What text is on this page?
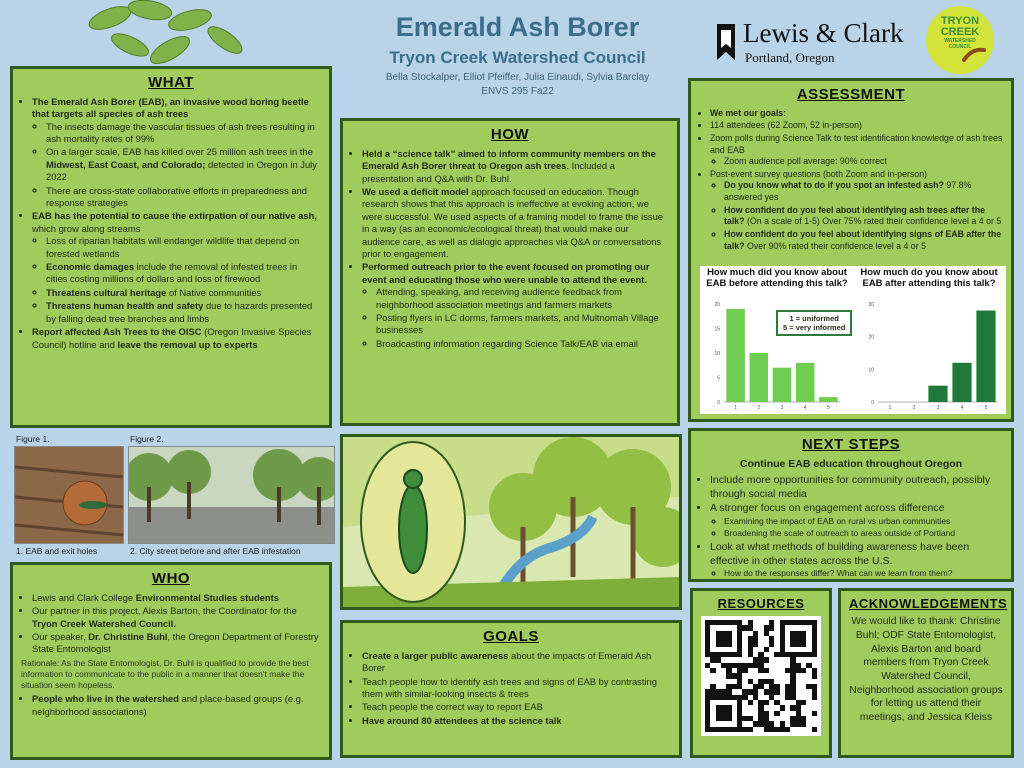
Emerald Ash Borer
Tryon Creek Watershed Council
Bella Stockalper, Elliot Pfeiffer, Julia Einaudi, Sylvia Barclay
ENVS 295 Fa22
Lewis & Clark
Portland, Oregon
TRYON
CREEK
WATERSHED
COUNCIL
WHAT
• The Emerald Ash Borer (EAB), an invasive wood boring beetle that targets all species of ash trees
◦ The insects damage the vascular tissues of ash trees resulting in ash mortality rates of 99%
◦ On a larger scale, EAB has killed over 25 million ash trees in the Midwest, East Coast, and Colorado; detected in Oregon in July 2022
◦ There are cross-state collaborative efforts in preparedness and response strategies
• EAB has the potential to cause the extirpation of our native ash, which grow along streams
◦ Loss of riparian habitats will endanger wildlife that depend on forested wetlands
◦ Economic damages include the removal of infested trees in cities costing millions of dollars and loss of firewood
◦ Threatens cultural heritage of Native communities
◦ Threatens human health and safety due to hazards presented by falling dead tree branches and limbs
• Report affected Ash Trees to the OISC (Oregon Invasive Species Council) hotline and leave the removal up to experts
Figure 1.	Figure 2.
1. EAB and exit holes	2. City street before and after EAB infestation
HOW
• Held a “science talk” aimed to inform community members on the Emerald Ash Borer threat to Oregon ash trees. Included a presentation and Q&A with Dr. Buhl.
• We used a deficit model approach focused on education. Though research shows that this approach is ineffective at evoking action, we were successful. We used aspects of a framing model to frame the issue in a way (as an economic/ecological threat) that would make our audience care, as well as dialogic approaches via Q&A or conversations prior to engagement.
• Performed outreach prior to the event focused on promoting our event and educating those who were unable to attend the event.
◦ Attending, speaking, and receiving audience feedback from neighborhood association meetings and farmers markets
◦ Posting flyers in LC dorms, farmers markets, and Multnomah Village businesses
◦ Broadcasting information regarding Science Talk/EAB via email
GOALS
• Create a larger public awareness about the impacts of Emerald Ash Borer
• Teach people how to identify ash trees and signs of EAB by contrasting them with similar-looking insects & trees
• Teach people the correct way to report EAB
• Have around 80 attendees at the science talk
WHO
• Lewis and Clark College Environmental Studies students
• Our partner in this project, Alexis Barton, the Coordinator for the Tryon Creek Watershed Council.
• Our speaker, Dr. Christine Buhl, the Oregon Department of Forestry State Entomologist
Rationale: As the State Entomologist, Dr. Buhl is qualified to provide the best information to communicate to the public in a manner that doesn't make the situation seem hopeless.
• People who live in the watershed and place-based groups (e.g. neighborhood associations)
ASSESSMENT
• We met our goals:
• 114 attendees (62 Zoom, 52 in-person)
• Zoom polls during Science Talk to test identification knowledge of ash trees and EAB
◦ Zoom audience poll average: 90% correct
• Post-event survey questions (both Zoom and in-person)
◦ Do you know what to do if you spot an infested ash? 97.8% answered yes
◦ How confident do you feel about identifying ash trees after the talk? (On a scale of 1-5) Over 75% rated their confidence level a 4 or 5
◦ How confident do you feel about identifying signs of EAB after the talk? Over 90% rated their confidence level a 4 or 5
How much did you know about EAB before attending this talk?
How much do you know about EAB after attending this talk?
0
5
10
15
20
1	2	3	4	5
0
10
20
30
1	2	3	4	5
1 = uniformed
5 = very informed
NEXT STEPS
Continue EAB education throughout Oregon
• Include more opportunities for community outreach, possibly through social media
• A stronger focus on engagement across difference
◦ Examining the impact of EAB on rural vs urban communities
◦ Broadening the scale of outreach to areas outside of Portland
• Look at what methods of building awareness have been effective in other states across the U.S.
◦ How do the responses differ? What can we learn from them?
RESOURCES	ACKNOWLEDGEMENTS
We would like to thank: Christine Buhl; ODF State Entomologist, Alexis Barton and board members from Tryon Creek Watershed Council, Neighborhood association groups for letting us attend their meetings, and Jessica Kleiss
